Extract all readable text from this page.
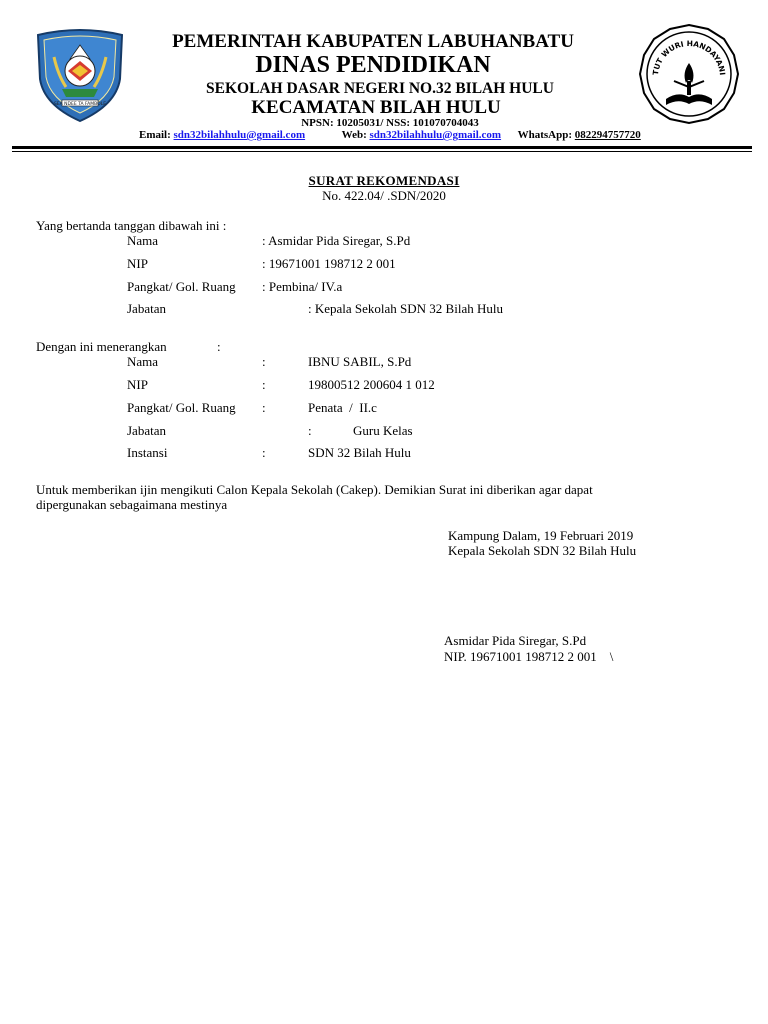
SEA NDEE TA FAMBOLE
TUT WURI HANDAYANI
PEMERINTAH KABUPATEN LABUHANBATU
DINAS PENDIDIKAN
SEKOLAH DASAR NEGERI NO.32 BILAH HULU
KECAMATAN BILAH HULU
NPSN: 10205031/ NSS: 101070704043
Email: sdn32bilahhulu@gmail.com	Web: sdn32bilahhulu@gmail.com WhatsApp: 082294757720
SURAT REKOMENDASI
No. 422.04/ .SDN/2020
Yang bertanda tanggan dibawah ini :
Nama	: Asmidar Pida Siregar, S.Pd
NIP	: 19671001 198712 2 001
Pangkat/ Gol. Ruang : Pembina/ IV.a
Jabatan	: Kepala Sekolah SDN 32 Bilah Hulu
Dengan ini menerangkan	:
Nama	:	IBNU SABIL, S.Pd
NIP	:	19800512 200604 1 012
Pangkat/ Gol. Ruang :	Penata  /  II.c
Jabatan	:	Guru Kelas
Instansi	:	SDN 32 Bilah Hulu
Untuk memberikan ijin mengikuti Calon Kepala Sekolah (Cakep). Demikian Surat ini diberikan agar dapat
dipergunakan sebagaimana mestinya
Kampung Dalam, 19 Februari 2019
Kepala Sekolah SDN 32 Bilah Hulu
Asmidar Pida Siregar, S.Pd
NIP. 19671001 198712 2 001    \
